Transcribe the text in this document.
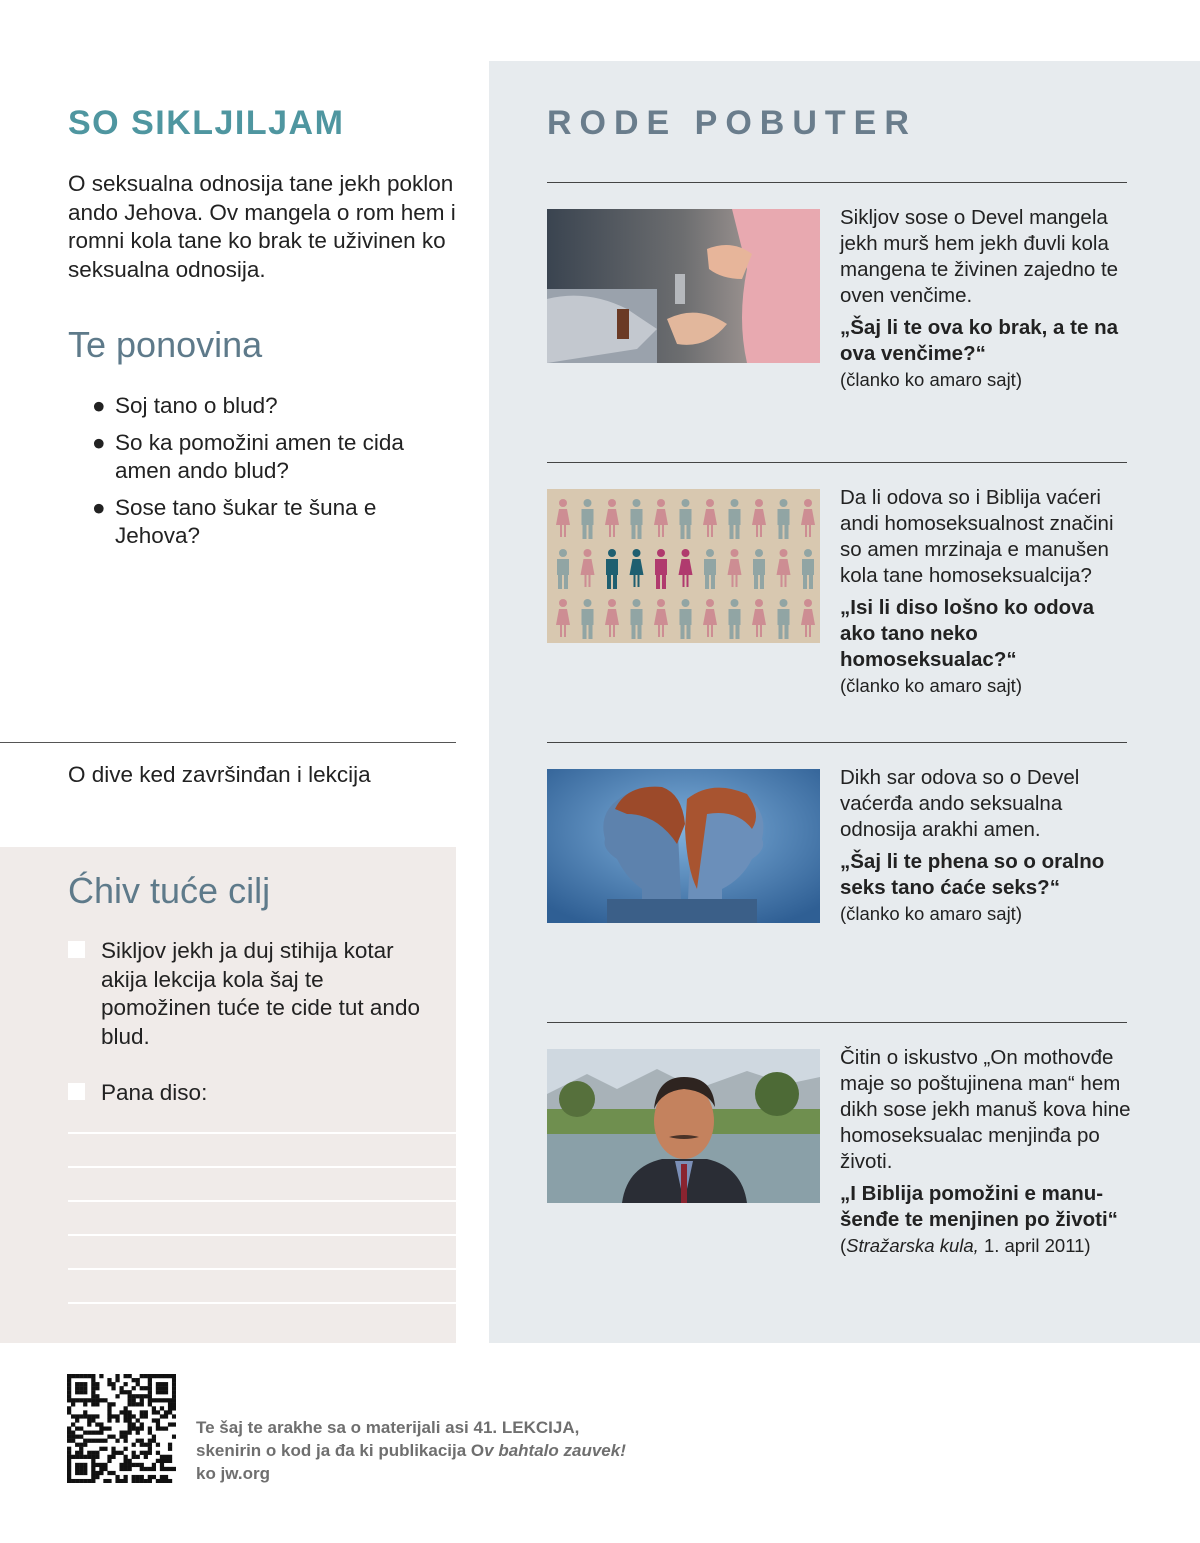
SO SIKLJILJAM

O seksualna odnosija tane jekh poklon ando Jehova. Ov mangela o rom hem i romni kola tane ko brak te uživinen ko seksualna odnosija.

Te ponovina
● Soj tano o blud?
● So ka pomožini amen te cida amen ando blud?
● Sose tano šukar te šuna e Jehova?

O dive ked završinđan i lekcija

Ćhiv tuće cilj
Sikljov jekh ja duj stihija kotar akija lekcija kola šaj te pomožinen tuće te cide tut ando blud.
Pana diso:
RODE POBUTER

Sikljov sose o Devel mangela jekh murš hem jekh đuvli kola mangena te živinen zajedno te oven venčime.

„Šaj li te ova ko brak, a te na ova venčime?“

(članko ko amaro sajt)

Da li odova so i Biblija vaćeri andi homoseksualnost značini so amen mrzinaja e manušen kola tane homoseksualcija?

„Isi li diso lošno ko odova ako tano neko homoseksualac?“

(članko ko amaro sajt)

Dikh sar odova so o Devel vaćerđa ando seksualna odnosija arakhi amen.

„Šaj li te phena so o oralno seks tano ćaće seks?“

(članko ko amaro sajt)

Čitin o iskustvo „On mothovđe maje so poštujinena man“ hem dikh sose jekh manuš kova hine homoseksualac menjinđa po životi.

„I Biblija pomožini e manu-šenđe te menjinen po životi“

(Stražarska kula, 1. april 2011)

Te šaj te arakhe sa o materijali asi 41. LEKCIJA,
skenirin o kod ja đa ki publikacija Ov bahtalo zauvek!
ko jw.org
